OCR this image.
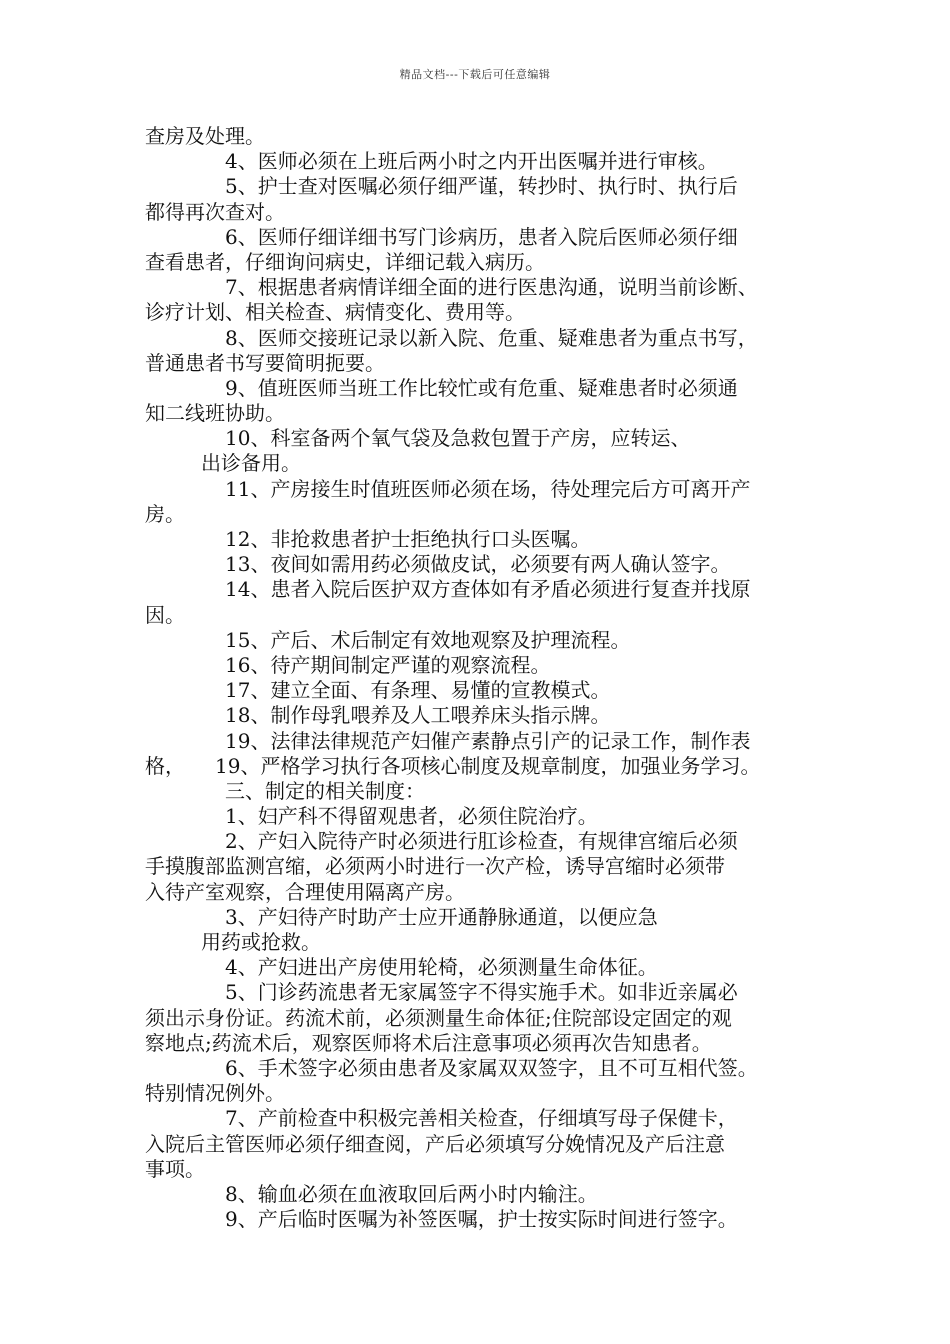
精品文档---下载后可任意编辑
查房及处理。
4、医师必须在上班后两小时之内开出医嘱并进行审核。
5、护士查对医嘱必须仔细严谨，转抄时、执行时、执行后
都得再次查对。
6、医师仔细详细书写门诊病历，患者入院后医师必须仔细
查看患者，仔细询问病史，详细记载入病历。
7、根据患者病情详细全面的进行医患沟通，说明当前诊断、
诊疗计划、相关检查、病情变化、费用等。
8、医师交接班记录以新入院、危重、疑难患者为重点书写，
普通患者书写要简明扼要。
9、值班医师当班工作比较忙或有危重、疑难患者时必须通
知二线班协助。
10、科室备两个氧气袋及急救包置于产房，应转运、
出诊备用。
11、产房接生时值班医师必须在场，待处理完后方可离开产
房。
12、非抢救患者护士拒绝执行口头医嘱。
13、夜间如需用药必须做皮试，必须要有两人确认签字。
14、患者入院后医护双方查体如有矛盾必须进行复查并找原
因。
15、产后、术后制定有效地观察及护理流程。
16、待产期间制定严谨的观察流程。
17、建立全面、有条理、易懂的宣教模式。
18、制作母乳喂养及人工喂养床头指示牌。
19、法律法律规范产妇催产素静点引产的记录工作，制作表
格，　　19、严格学习执行各项核心制度及规章制度，加强业务学习。
三、制定的相关制度：
1、妇产科不得留观患者，必须住院治疗。
2、产妇入院待产时必须进行肛诊检查，有规律宫缩后必须
手摸腹部监测宫缩，必须两小时进行一次产检，诱导宫缩时必须带
入待产室观察，合理使用隔离产房。
3、产妇待产时助产士应开通静脉通道，以便应急
用药或抢救。
4、产妇进出产房使用轮椅，必须测量生命体征。
5、门诊药流患者无家属签字不得实施手术。如非近亲属必
须出示身份证。药流术前，必须测量生命体征;住院部设定固定的观
察地点;药流术后，观察医师将术后注意事项必须再次告知患者。
6、手术签字必须由患者及家属双双签字，且不可互相代签。
特别情况例外。
7、产前检查中积极完善相关检查，仔细填写母子保健卡，
入院后主管医师必须仔细查阅，产后必须填写分娩情况及产后注意
事项。
8、输血必须在血液取回后两小时内输注。
9、产后临时医嘱为补签医嘱，护士按实际时间进行签字。
